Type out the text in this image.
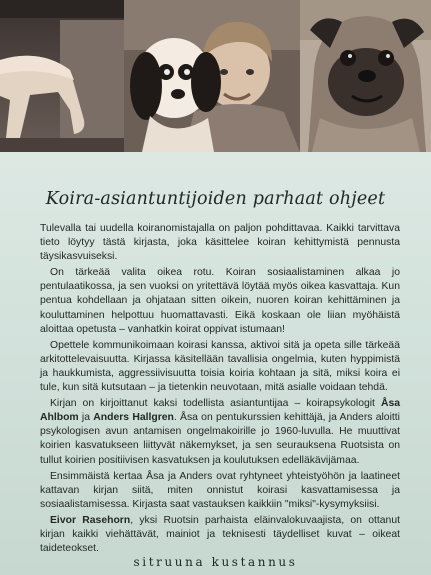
Koira-asiantuntijoiden parhaat ohjeet

Tulevalla tai uudella koiranomistajalla on paljon pohdittavaa. Kaikki tarvittava tieto löytyy tästä kirjasta, joka käsittelee koiran kehittymistä pennusta täysikasvuiseksi.

On tärkeää valita oikea rotu. Koiran sosiaalistaminen alkaa jo pentulaatikossa, ja sen vuoksi on yritettävä löytää myös oikea kasvattaja. Kun pentua kohdellaan ja ohjataan sitten oikein, nuoren koiran kehittäminen ja kouluttaminen helpottuu huomattavasti. Eikä koskaan ole liian myöhäistä aloittaa opetusta – vanhatkin koirat oppivat istumaan!

Opettele kommunikoimaan koirasi kanssa, aktivoi sitä ja opeta sille tärkeää arkitottelevaisuutta. Kirjassa käsitellään tavallisia ongelmia, kuten hyppimistä ja haukkumista, aggressiivisuutta toisia koiria kohtaan ja sitä, miksi koira ei tule, kun sitä kutsutaan – ja tietenkin neuvotaan, mitä asialle voidaan tehdä.

Kirjan on kirjoittanut kaksi todellista asiantuntijaa – koirapsykologit Åsa Ahlbom ja Anders Hallgren. Åsa on pentukurssien kehittäjä, ja Anders aloitti psykologisen avun antamisen ongelmakoirille jo 1960-luvulla. He muuttivat koirien kasvatukseen liittyvät näkemykset, ja sen seurauksena Ruotsista on tullut koirien positiivisen kasvatuksen ja koulutuksen edelläkävijämaa.

Ensimmäistä kertaa Åsa ja Anders ovat ryhtyneet yhteistyöhön ja laatineet kattavan kirjan siitä, miten onnistut koirasi kasvattamisessa ja sosiaalistamisessa. Kirjasta saat vastauksen kaikkiin "miksi"-kysymyksiisi.

Eivor Rasehorn, yksi Ruotsin parhaista eläinvalokuvaajista, on ottanut kirjan kaikki viehättävät, mainiot ja teknisesti täydelliset kuvat – oikeat taideteokset.

sitruuna kustannus
